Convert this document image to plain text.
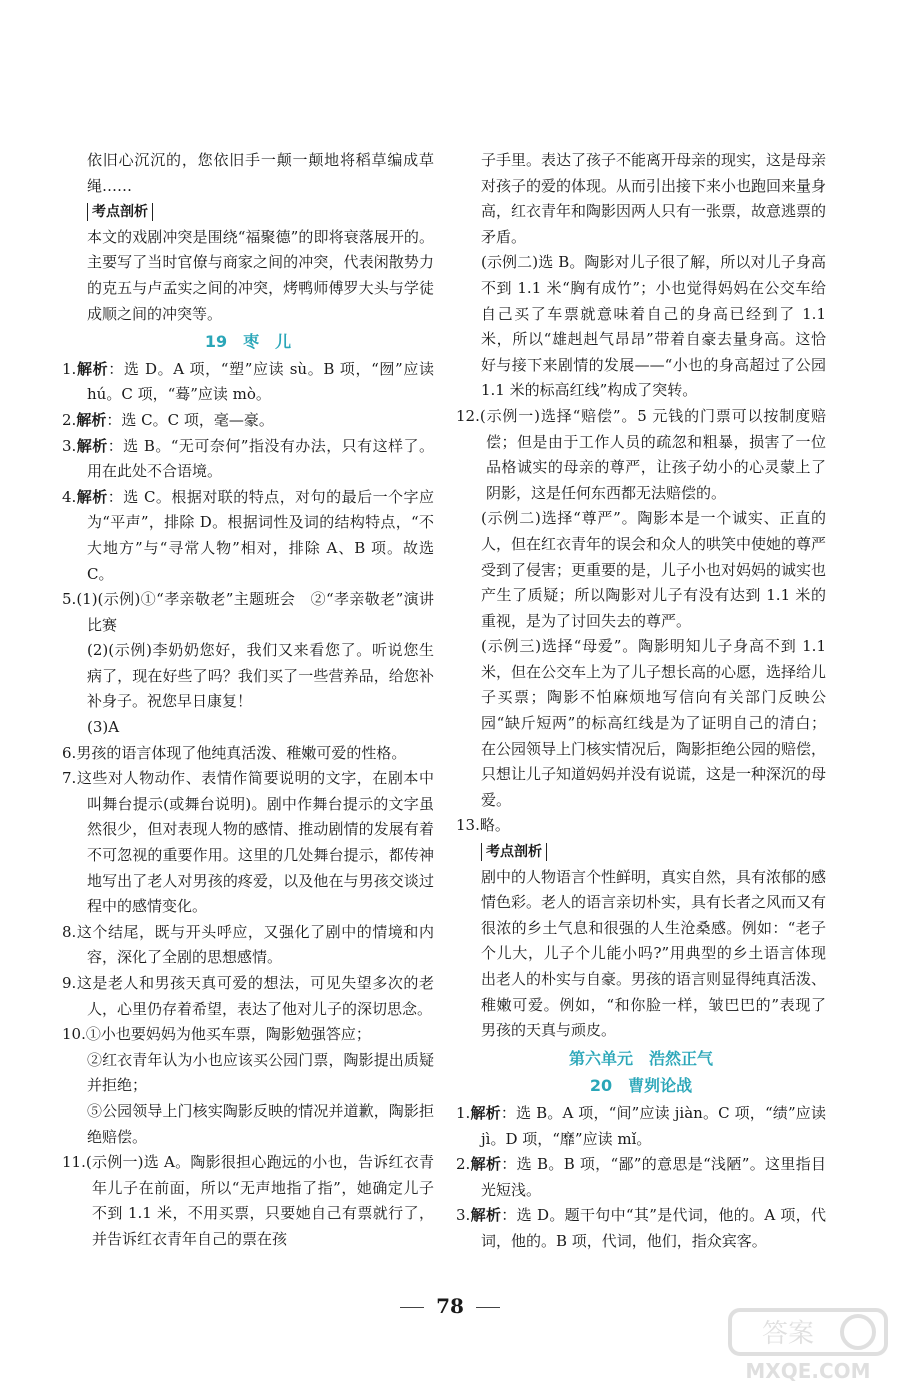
依旧心沉沉的，您依旧手一颠一颠地将稻草编成草绳……

考点剖析

本文的戏剧冲突是围绕“福聚德”的即将衰落展开的。主要写了当时官僚与商家之间的冲突，代表闲散势力的克五与卢孟实之间的冲突，烤鸭师傅罗大头与学徒成顺之间的冲突等。

19　枣　儿

1.解析：选 D。A 项，“塑”应读 sù。B 项，“囫”应读 hú。C 项，“蓦”应读 mò。

2.解析：选 C。C 项，毫—豪。

3.解析：选 B。“无可奈何”指没有办法，只有这样了。用在此处不合语境。

4.解析：选 C。根据对联的特点，对句的最后一个字应为“平声”，排除 D。根据词性及词的结构特点，“不大地方”与“寻常人物”相对，排除 A、B 项。故选 C。

5.(1)(示例)①“孝亲敬老”主题班会　②“孝亲敬老”演讲比赛

(2)(示例)李奶奶您好，我们又来看您了。听说您生病了，现在好些了吗？我们买了一些营养品，给您补补身子。祝您早日康复！

(3)A

6.男孩的语言体现了他纯真活泼、稚嫩可爱的性格。

7.这些对人物动作、表情作简要说明的文字，在剧本中叫舞台提示(或舞台说明)。剧中作舞台提示的文字虽然很少，但对表现人物的感情、推动剧情的发展有着不可忽视的重要作用。这里的几处舞台提示，都传神地写出了老人对男孩的疼爱，以及他在与男孩交谈过程中的感情变化。

8.这个结尾，既与开头呼应，又强化了剧中的情境和内容，深化了全剧的思想感情。

9.这是老人和男孩天真可爱的想法，可见失望多次的老人，心里仍存着希望，表达了他对儿子的深切思念。

10.①小也要妈妈为他买车票，陶影勉强答应；

②红衣青年认为小也应该买公园门票，陶影提出质疑并拒绝；

⑤公园领导上门核实陶影反映的情况并道歉，陶影拒绝赔偿。

11.(示例一)选 A。陶影很担心跑远的小也，告诉红衣青年儿子在前面，所以“无声地指了指”，她确定儿子不到 1.1 米，不用买票，只要她自己有票就行了，并告诉红衣青年自己的票在孩

子手里。表达了孩子不能离开母亲的现实，这是母亲对孩子的爱的体现。从而引出接下来小也跑回来量身高，红衣青年和陶影因两人只有一张票，故意逃票的矛盾。

(示例二)选 B。陶影对儿子很了解，所以对儿子身高不到 1.1 米“胸有成竹”；小也觉得妈妈在公交车给自己买了车票就意味着自己的身高已经到了 1.1 米，所以“雄赳赳气昂昂”带着自豪去量身高。这恰好与接下来剧情的发展——“小也的身高超过了公园 1.1 米的标高红线”构成了突转。

12.(示例一)选择“赔偿”。5 元钱的门票可以按制度赔偿；但是由于工作人员的疏忽和粗暴，损害了一位品格诚实的母亲的尊严，让孩子幼小的心灵蒙上了阴影，这是任何东西都无法赔偿的。

(示例二)选择“尊严”。陶影本是一个诚实、正直的人，但在红衣青年的误会和众人的哄笑中使她的尊严受到了侵害；更重要的是，儿子小也对妈妈的诚实也产生了质疑；所以陶影对儿子有没有达到 1.1 米的重视，是为了讨回失去的尊严。

(示例三)选择“母爱”。陶影明知儿子身高不到 1.1 米，但在公交车上为了儿子想长高的心愿，选择给儿子买票；陶影不怕麻烦地写信向有关部门反映公园“缺斤短两”的标高红线是为了证明自己的清白；在公园领导上门核实情况后，陶影拒绝公园的赔偿，只想让儿子知道妈妈并没有说谎，这是一种深沉的母爱。

13.略。

考点剖析

剧中的人物语言个性鲜明，真实自然，具有浓郁的感情色彩。老人的语言亲切朴实，具有长者之风而又有很浓的乡土气息和很强的人生沧桑感。例如：“老子个儿大，儿子个儿能小吗?”用典型的乡土语言体现出老人的朴实与自豪。男孩的语言则显得纯真活泼、稚嫩可爱。例如，“和你脸一样，皱巴巴的”表现了男孩的天真与顽皮。

第六单元　浩然正气
20　曹刿论战

1.解析：选 B。A 项，“间”应读 jiàn。C 项，“绩”应读 jì。D 项，“靡”应读 mǐ。

2.解析：选 B。B 项，“鄙”的意思是“浅陋”。这里指目光短浅。

3.解析：选 D。题干句中“其”是代词，他的。A 项，代词，他的。B 项，代词，他们，指众宾客。

78
答案
MXQE.COM
